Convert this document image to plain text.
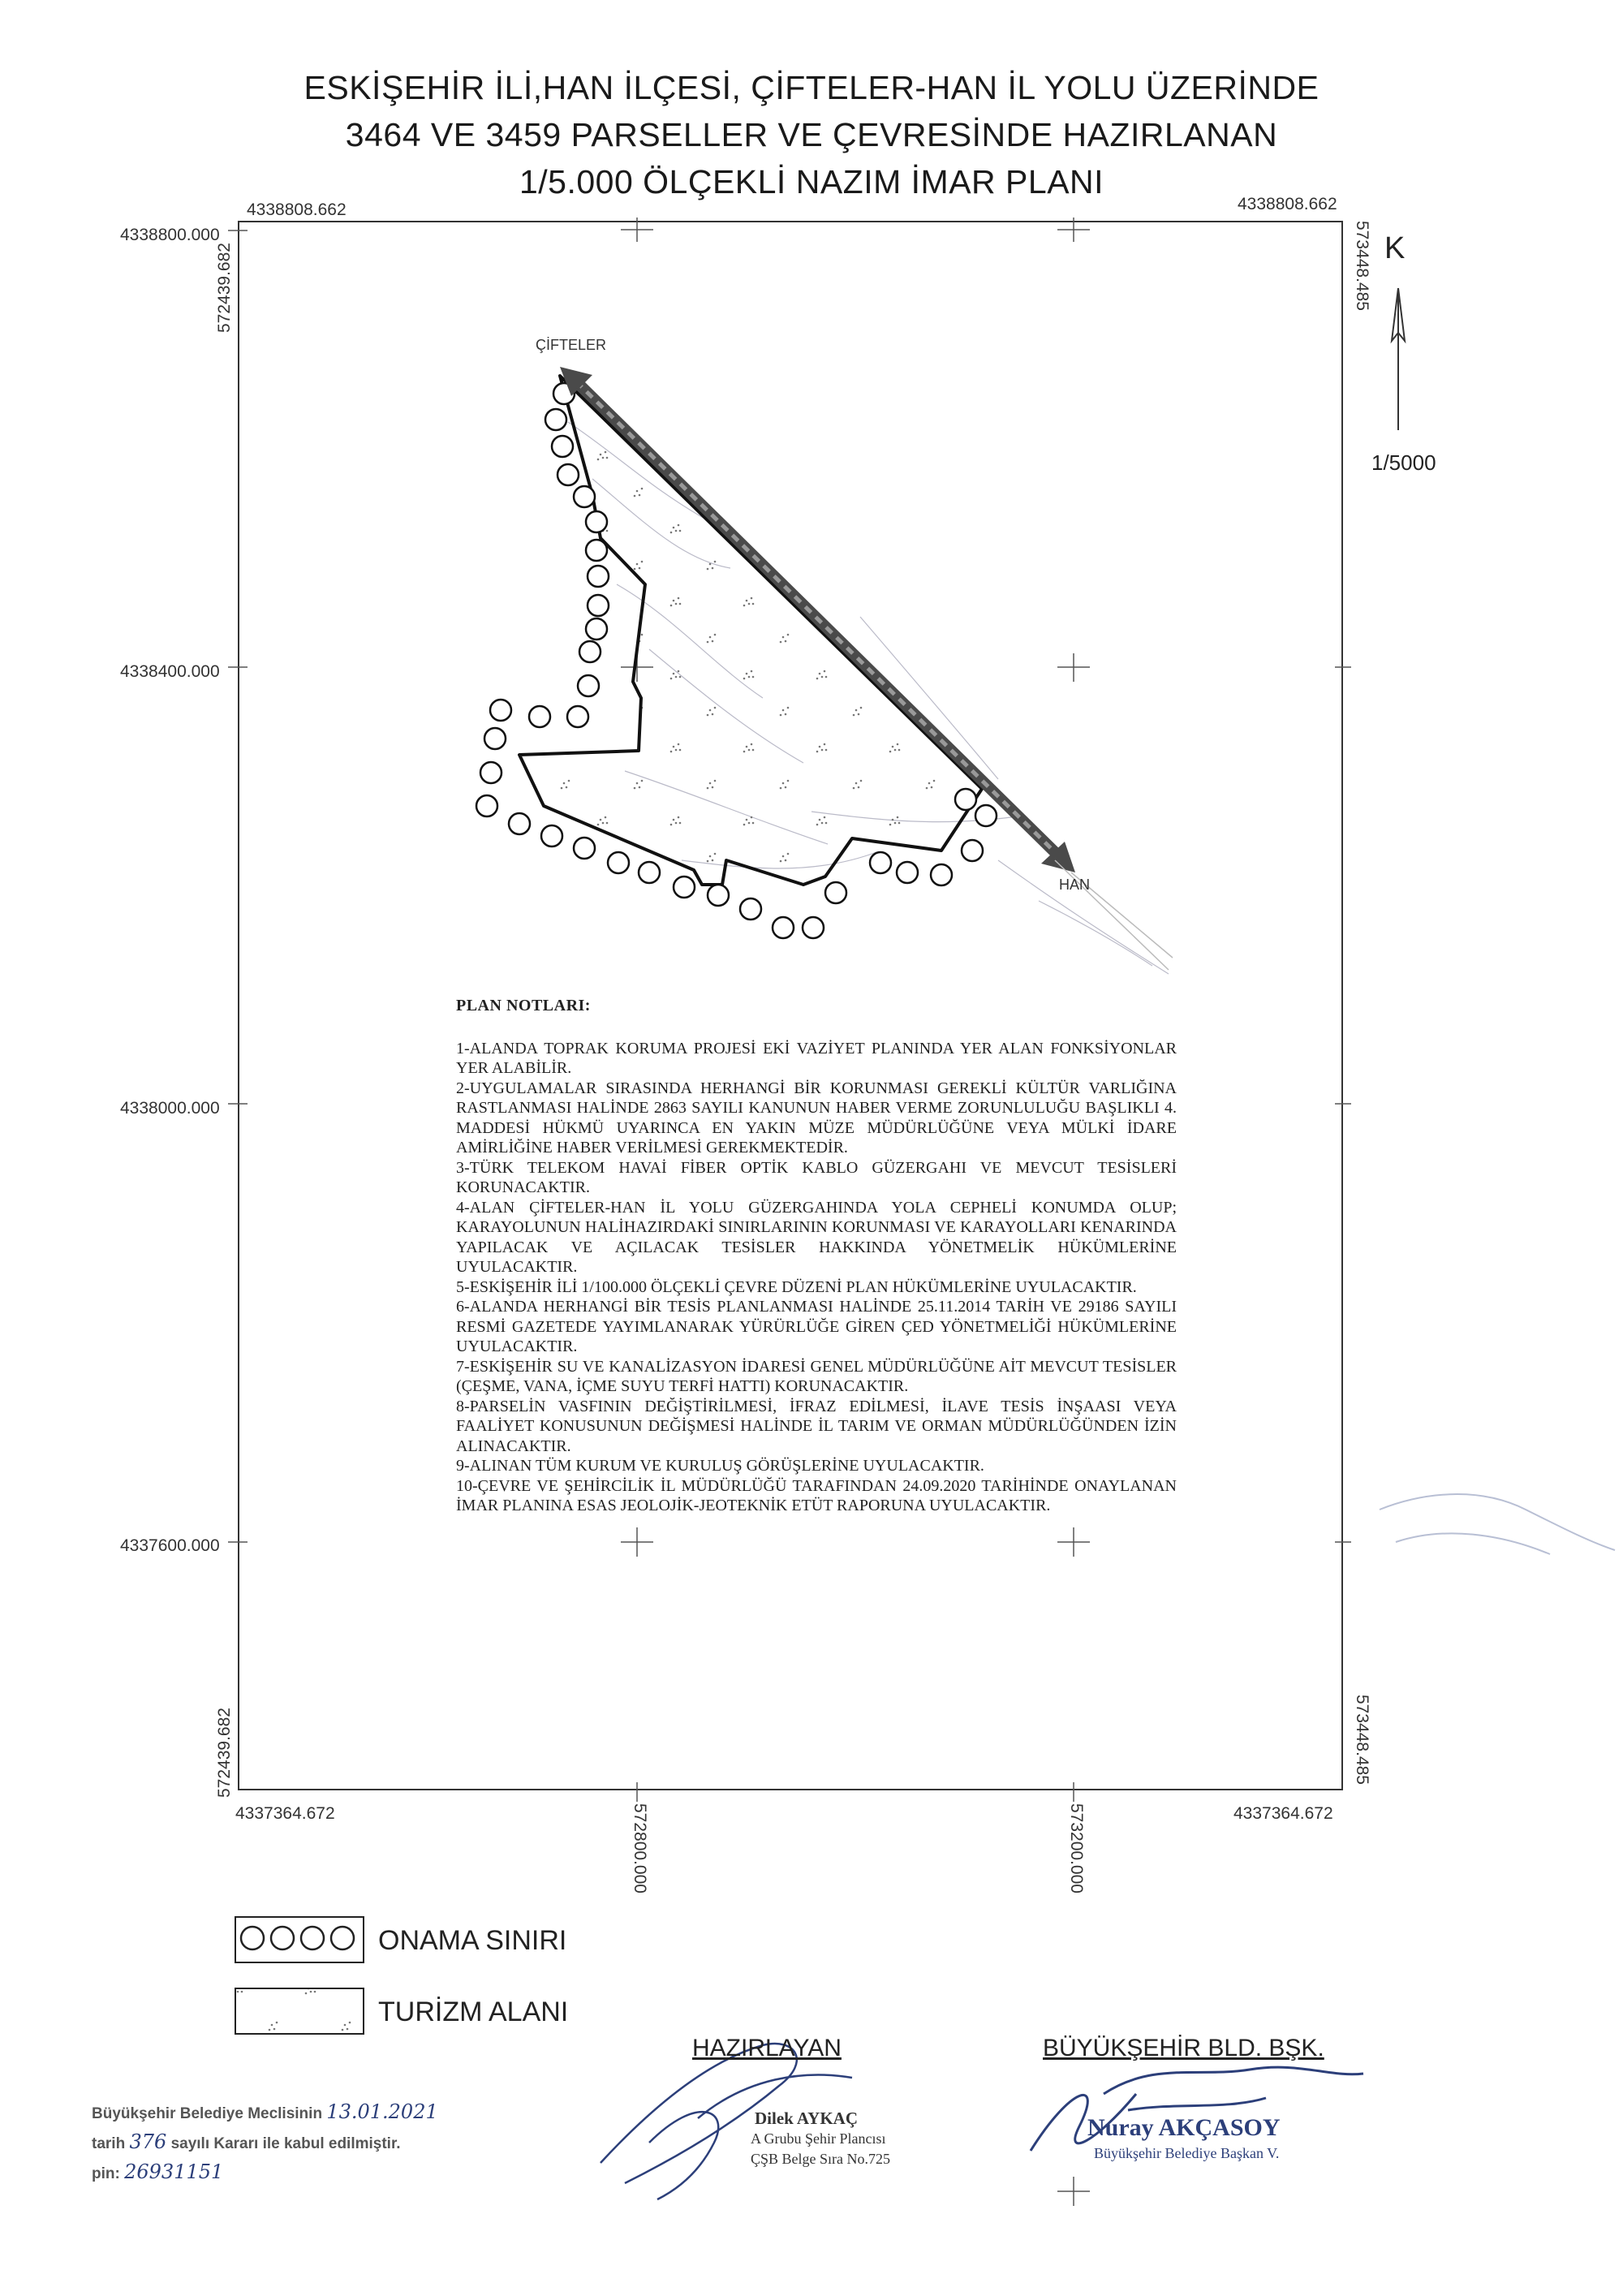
ESKİŞEHİR İLİ,HAN İLÇESİ, ÇİFTELER-HAN İL YOLU ÜZERİNDE
3464 VE 3459 PARSELLER VE ÇEVRESİNDE HAZIRLANAN
1/5.000 ÖLÇEKLİ NAZIM İMAR PLANI
4338808.662	4338808.662
4338800.000
4338400.000
4338000.000
4337600.000
4337364.672	4337364.672
572439.682
572439.682
573448.485
573448.485
572800.000	573200.000
K
1/5000
ÇİFTELER
HAN
PLAN NOTLARI:

1-ALANDA TOPRAK KORUMA PROJESİ EKİ VAZİYET PLANINDA YER ALAN FONKSİYONLAR YER ALABİLİR.

2-UYGULAMALAR SIRASINDA HERHANGİ BİR KORUNMASI GEREKLİ KÜLTÜR VARLIĞINA RASTLANMASI HALİNDE 2863 SAYILI KANUNUN HABER VERME ZORUNLULUĞU BAŞLIKLI 4. MADDESİ HÜKMÜ UYARINCA EN YAKIN MÜZE MÜDÜRLÜĞÜNE VEYA MÜLKİ İDARE AMİRLİĞİNE HABER VERİLMESİ GEREKMEKTEDİR.

3-TÜRK TELEKOM HAVAİ FİBER OPTİK KABLO GÜZERGAHI VE MEVCUT TESİSLERİ KORUNACAKTIR.

4-ALAN ÇİFTELER-HAN İL YOLU GÜZERGAHINDA YOLA CEPHELİ KONUMDA OLUP; KARAYOLUNUN HALİHAZIRDAKİ SINIRLARININ KORUNMASI VE KARAYOLLARI KENARINDA YAPILACAK VE AÇILACAK TESİSLER HAKKINDA YÖNETMELİK HÜKÜMLERİNE UYULACAKTIR.

5-ESKİŞEHİR İLİ 1/100.000 ÖLÇEKLİ ÇEVRE DÜZENİ PLAN HÜKÜMLERİNE UYULACAKTIR.

6-ALANDA HERHANGİ BİR TESİS PLANLANMASI HALİNDE 25.11.2014 TARİH VE 29186 SAYILI RESMİ GAZETEDE YAYIMLANARAK YÜRÜRLÜĞE GİREN ÇED YÖNETMELİĞİ HÜKÜMLERİNE UYULACAKTIR.

7-ESKİŞEHİR SU VE KANALİZASYON İDARESİ GENEL MÜDÜRLÜĞÜNE AİT MEVCUT TESİSLER (ÇEŞME, VANA, İÇME SUYU TERFİ HATTI) KORUNACAKTIR.

8-PARSELİN VASFININ DEĞİŞTİRİLMESİ, İFRAZ EDİLMESİ, İLAVE TESİS İNŞAASI VEYA FAALİYET KONUSUNUN DEĞİŞMESİ HALİNDE İL TARIM VE ORMAN MÜDÜRLÜĞÜNDEN İZİN ALINACAKTIR.

9-ALINAN TÜM KURUM VE KURULUŞ GÖRÜŞLERİNE UYULACAKTIR.

10-ÇEVRE VE ŞEHİRCİLİK İL MÜDÜRLÜĞÜ TARAFINDAN 24.09.2020 TARİHİNDE ONAYLANAN İMAR PLANINA ESAS JEOLOJİK-JEOTEKNİK ETÜT RAPORUNA UYULACAKTIR.

ONAMA SINIRI
TURİZM ALANI
HAZIRLAYAN
Dilek AYKAÇ
A Grubu Şehir Plancısı
ÇŞB Belge Sıra No.725
BÜYÜKŞEHİR BLD. BŞK.
Nuray AKÇASOY
Büyükşehir Belediye Başkan V.
Büyükşehir Belediye Meclisinin 13.01.2021
tarih 376 sayılı Kararı ile kabul edilmiştir.
pin: 26931151
